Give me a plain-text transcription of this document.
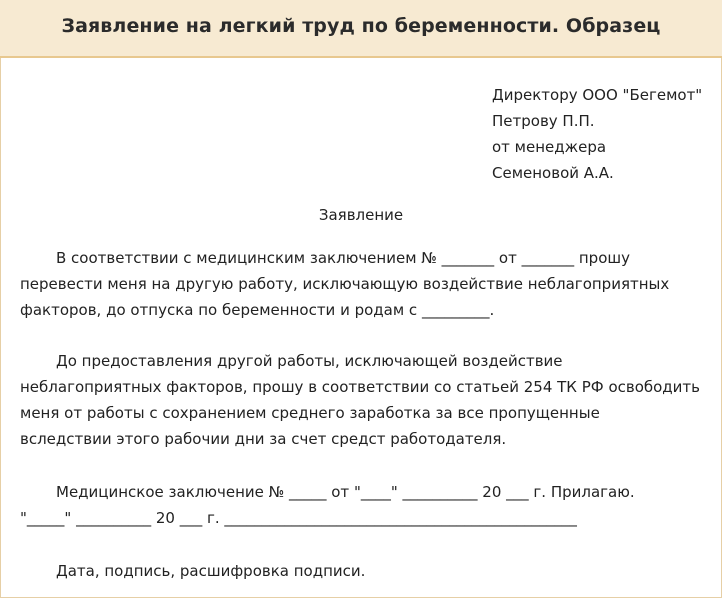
Заявление на легкий труд по беременности. Образец
Директору ООО "Бегемот"
Петрову П.П.
от менеджера
Семеновой А.А.
Заявление
В соответствии с медицинским заключением № _______ от _______ прошу
перевести меня на другую работу, исключающую воздействие неблагоприятных
факторов, до отпуска по беременности и родам с _________.
До предоставления другой работы, исключающей воздействие
неблагоприятных факторов, прошу в соответствии со статьей 254 ТК РФ освободить
меня от работы с сохранением среднего заработка за все пропущенные
вследствии этого рабочии дни за счет средст работодателя.
Медицинское заключение № _____ от "____" __________ 20 ___ г. Прилагаю.
"_____" __________ 20 ___ г. _______________________________________________
Дата, подпись, расшифровка подписи.
